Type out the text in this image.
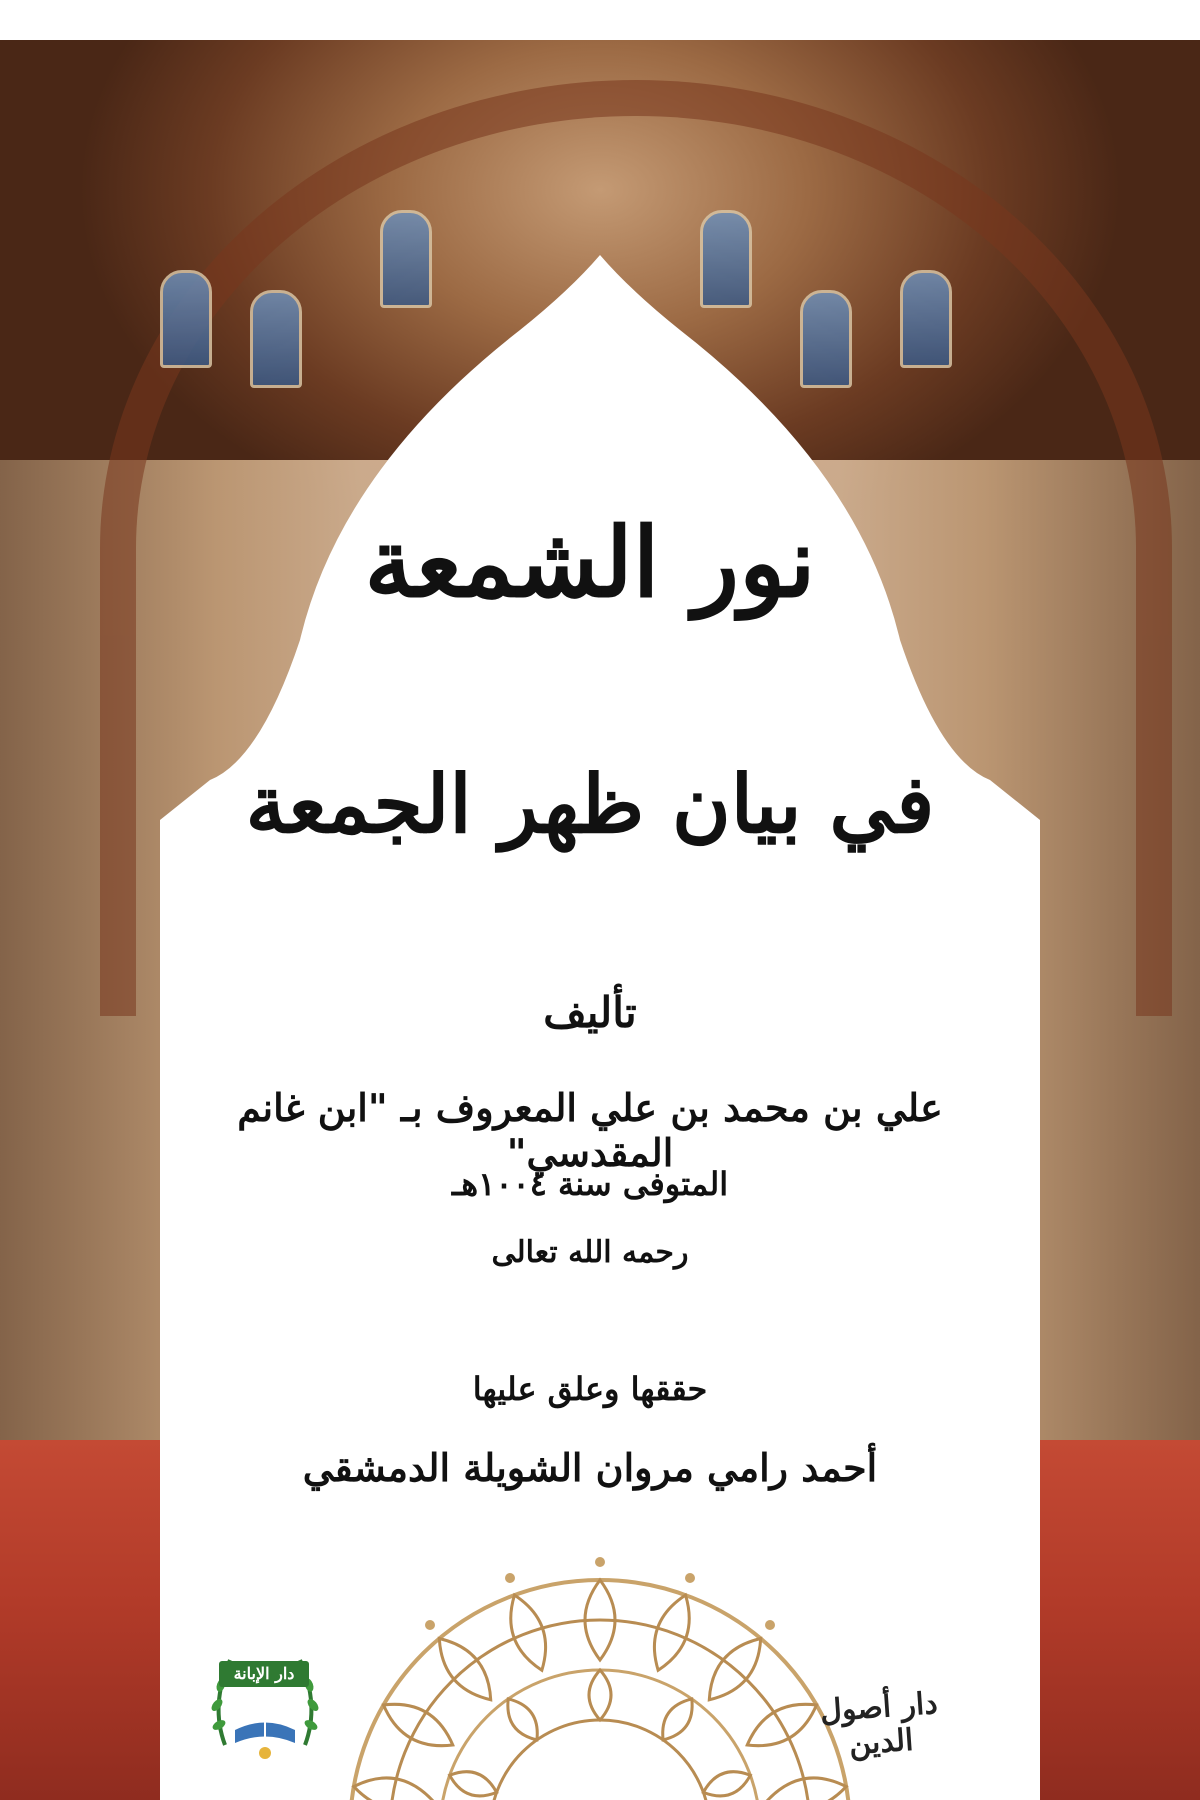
نور الشمعة
في بيان ظهر الجمعة
تأليف
علي بن محمد بن علي المعروف بـ "ابن غانم المقدسي"
المتوفى سنة ١٠٠٤هـ
رحمه الله تعالى
حققها وعلق عليها
أحمد رامي مروان الشويلة الدمشقي
دار أصول الدين
دار الإبانة
